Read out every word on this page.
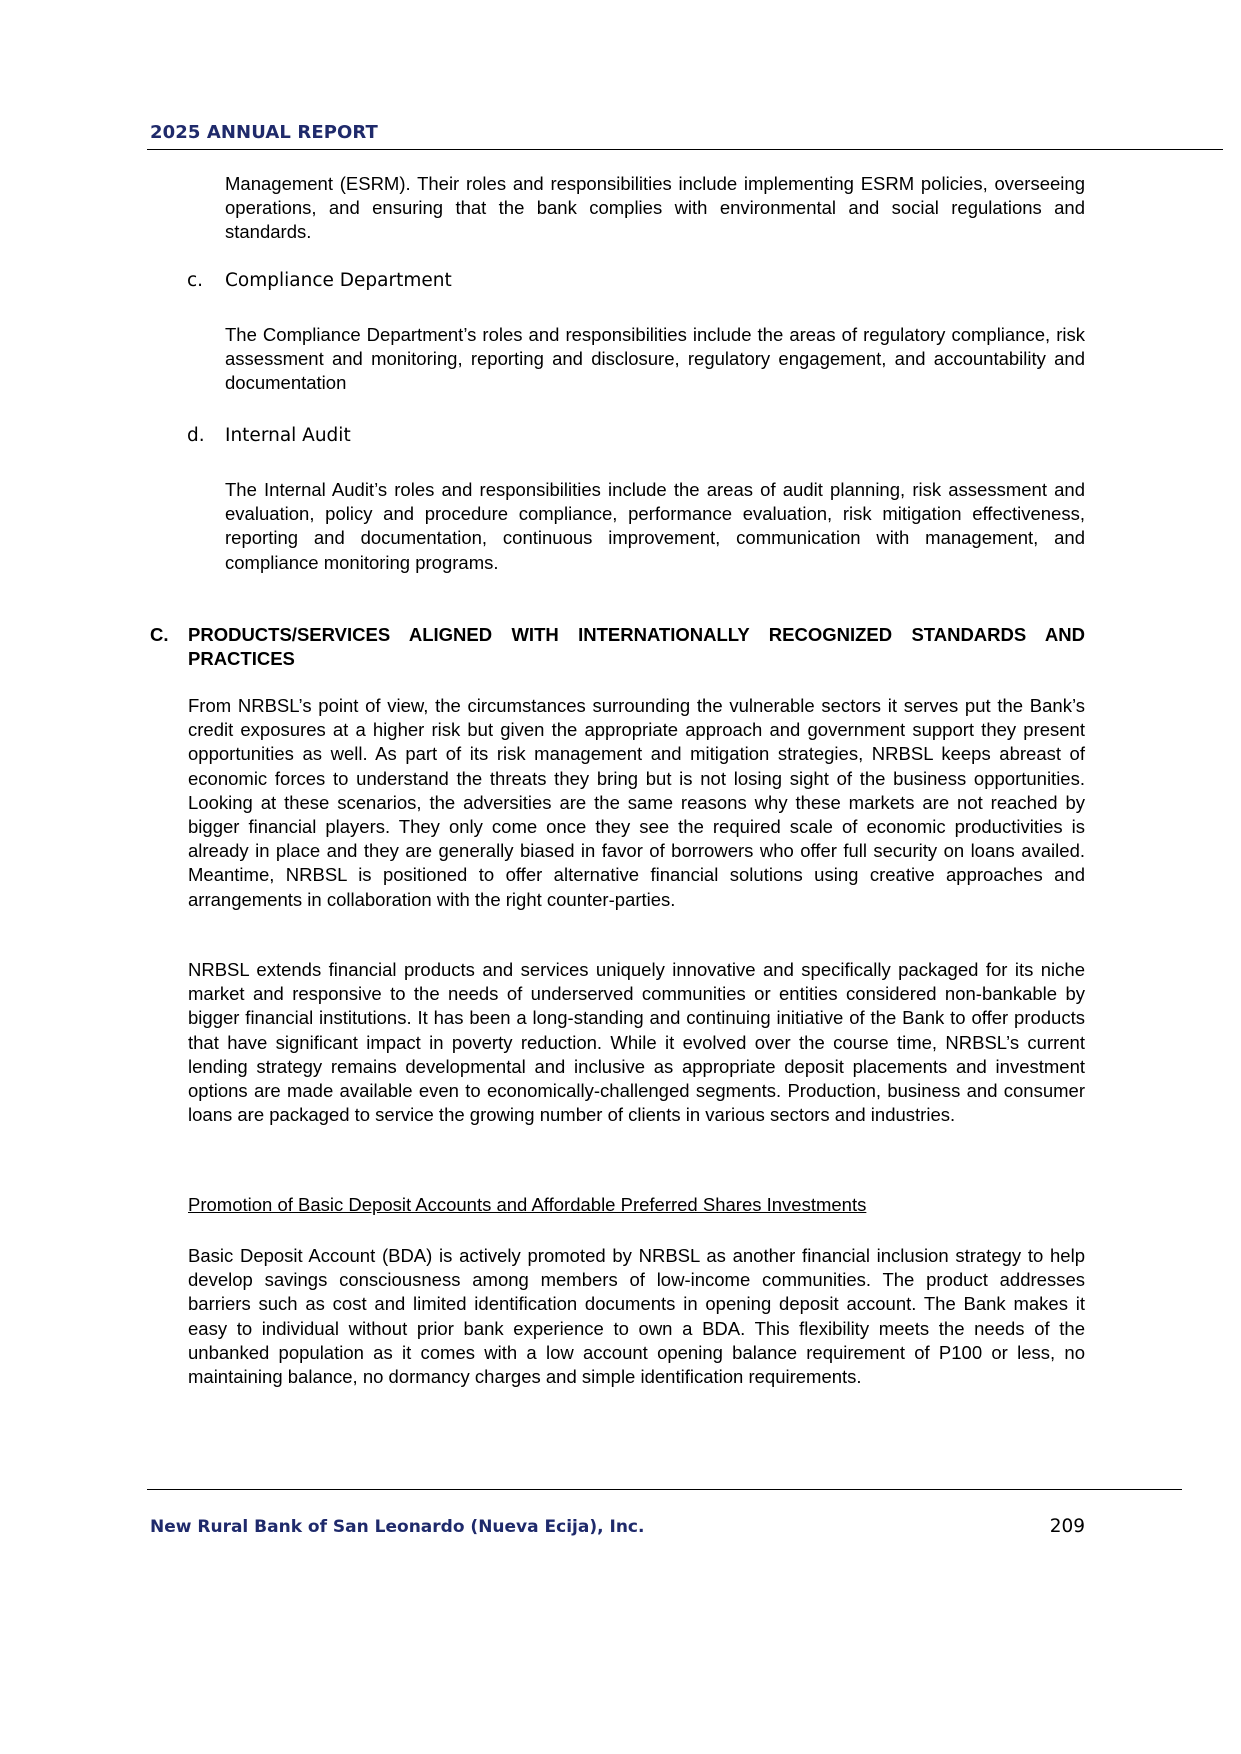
2025 ANNUAL REPORT

Management (ESRM). Their roles and responsibilities include implementing ESRM policies, overseeing operations, and ensuring that the bank complies with environmental and social regulations and standards.

c. Compliance Department

The Compliance Department’s roles and responsibilities include the areas of regulatory compliance, risk assessment and monitoring, reporting and disclosure, regulatory engagement, and accountability and documentation

d. Internal Audit

The Internal Audit’s roles and responsibilities include the areas of audit planning, risk assessment and evaluation, policy and procedure compliance, performance evaluation, risk mitigation effectiveness, reporting and documentation, continuous improvement, communication with management, and compliance monitoring programs.

C. PRODUCTS/SERVICES ALIGNED WITH INTERNATIONALLY RECOGNIZED STANDARDS AND PRACTICES

From NRBSL’s point of view, the circumstances surrounding the vulnerable sectors it serves put the Bank’s credit exposures at a higher risk but given the appropriate approach and government support they present opportunities as well. As part of its risk management and mitigation strategies, NRBSL keeps abreast of economic forces to understand the threats they bring but is not losing sight of the business opportunities. Looking at these scenarios, the adversities are the same reasons why these markets are not reached by bigger financial players. They only come once they see the required scale of economic productivities is already in place and they are generally biased in favor of borrowers who offer full security on loans availed. Meantime, NRBSL is positioned to offer alternative financial solutions using creative approaches and arrangements in collaboration with the right counter-parties.

NRBSL extends financial products and services uniquely innovative and specifically packaged for its niche market and responsive to the needs of underserved communities or entities considered non-bankable by bigger financial institutions. It has been a long-standing and continuing initiative of the Bank to offer products that have significant impact in poverty reduction. While it evolved over the course time, NRBSL’s current lending strategy remains developmental and inclusive as appropriate deposit placements and investment options are made available even to economically-challenged segments. Production, business and consumer loans are packaged to service the growing number of clients in various sectors and industries.

Promotion of Basic Deposit Accounts and Affordable Preferred Shares Investments

Basic Deposit Account (BDA) is actively promoted by NRBSL as another financial inclusion strategy to help develop savings consciousness among members of low-income communities. The product addresses barriers such as cost and limited identification documents in opening deposit account. The Bank makes it easy to individual without prior bank experience to own a BDA. This flexibility meets the needs of the unbanked population as it comes with a low account opening balance requirement of P100 or less, no maintaining balance, no dormancy charges and simple identification requirements.

New Rural Bank of San Leonardo (Nueva Ecija), Inc.	209
